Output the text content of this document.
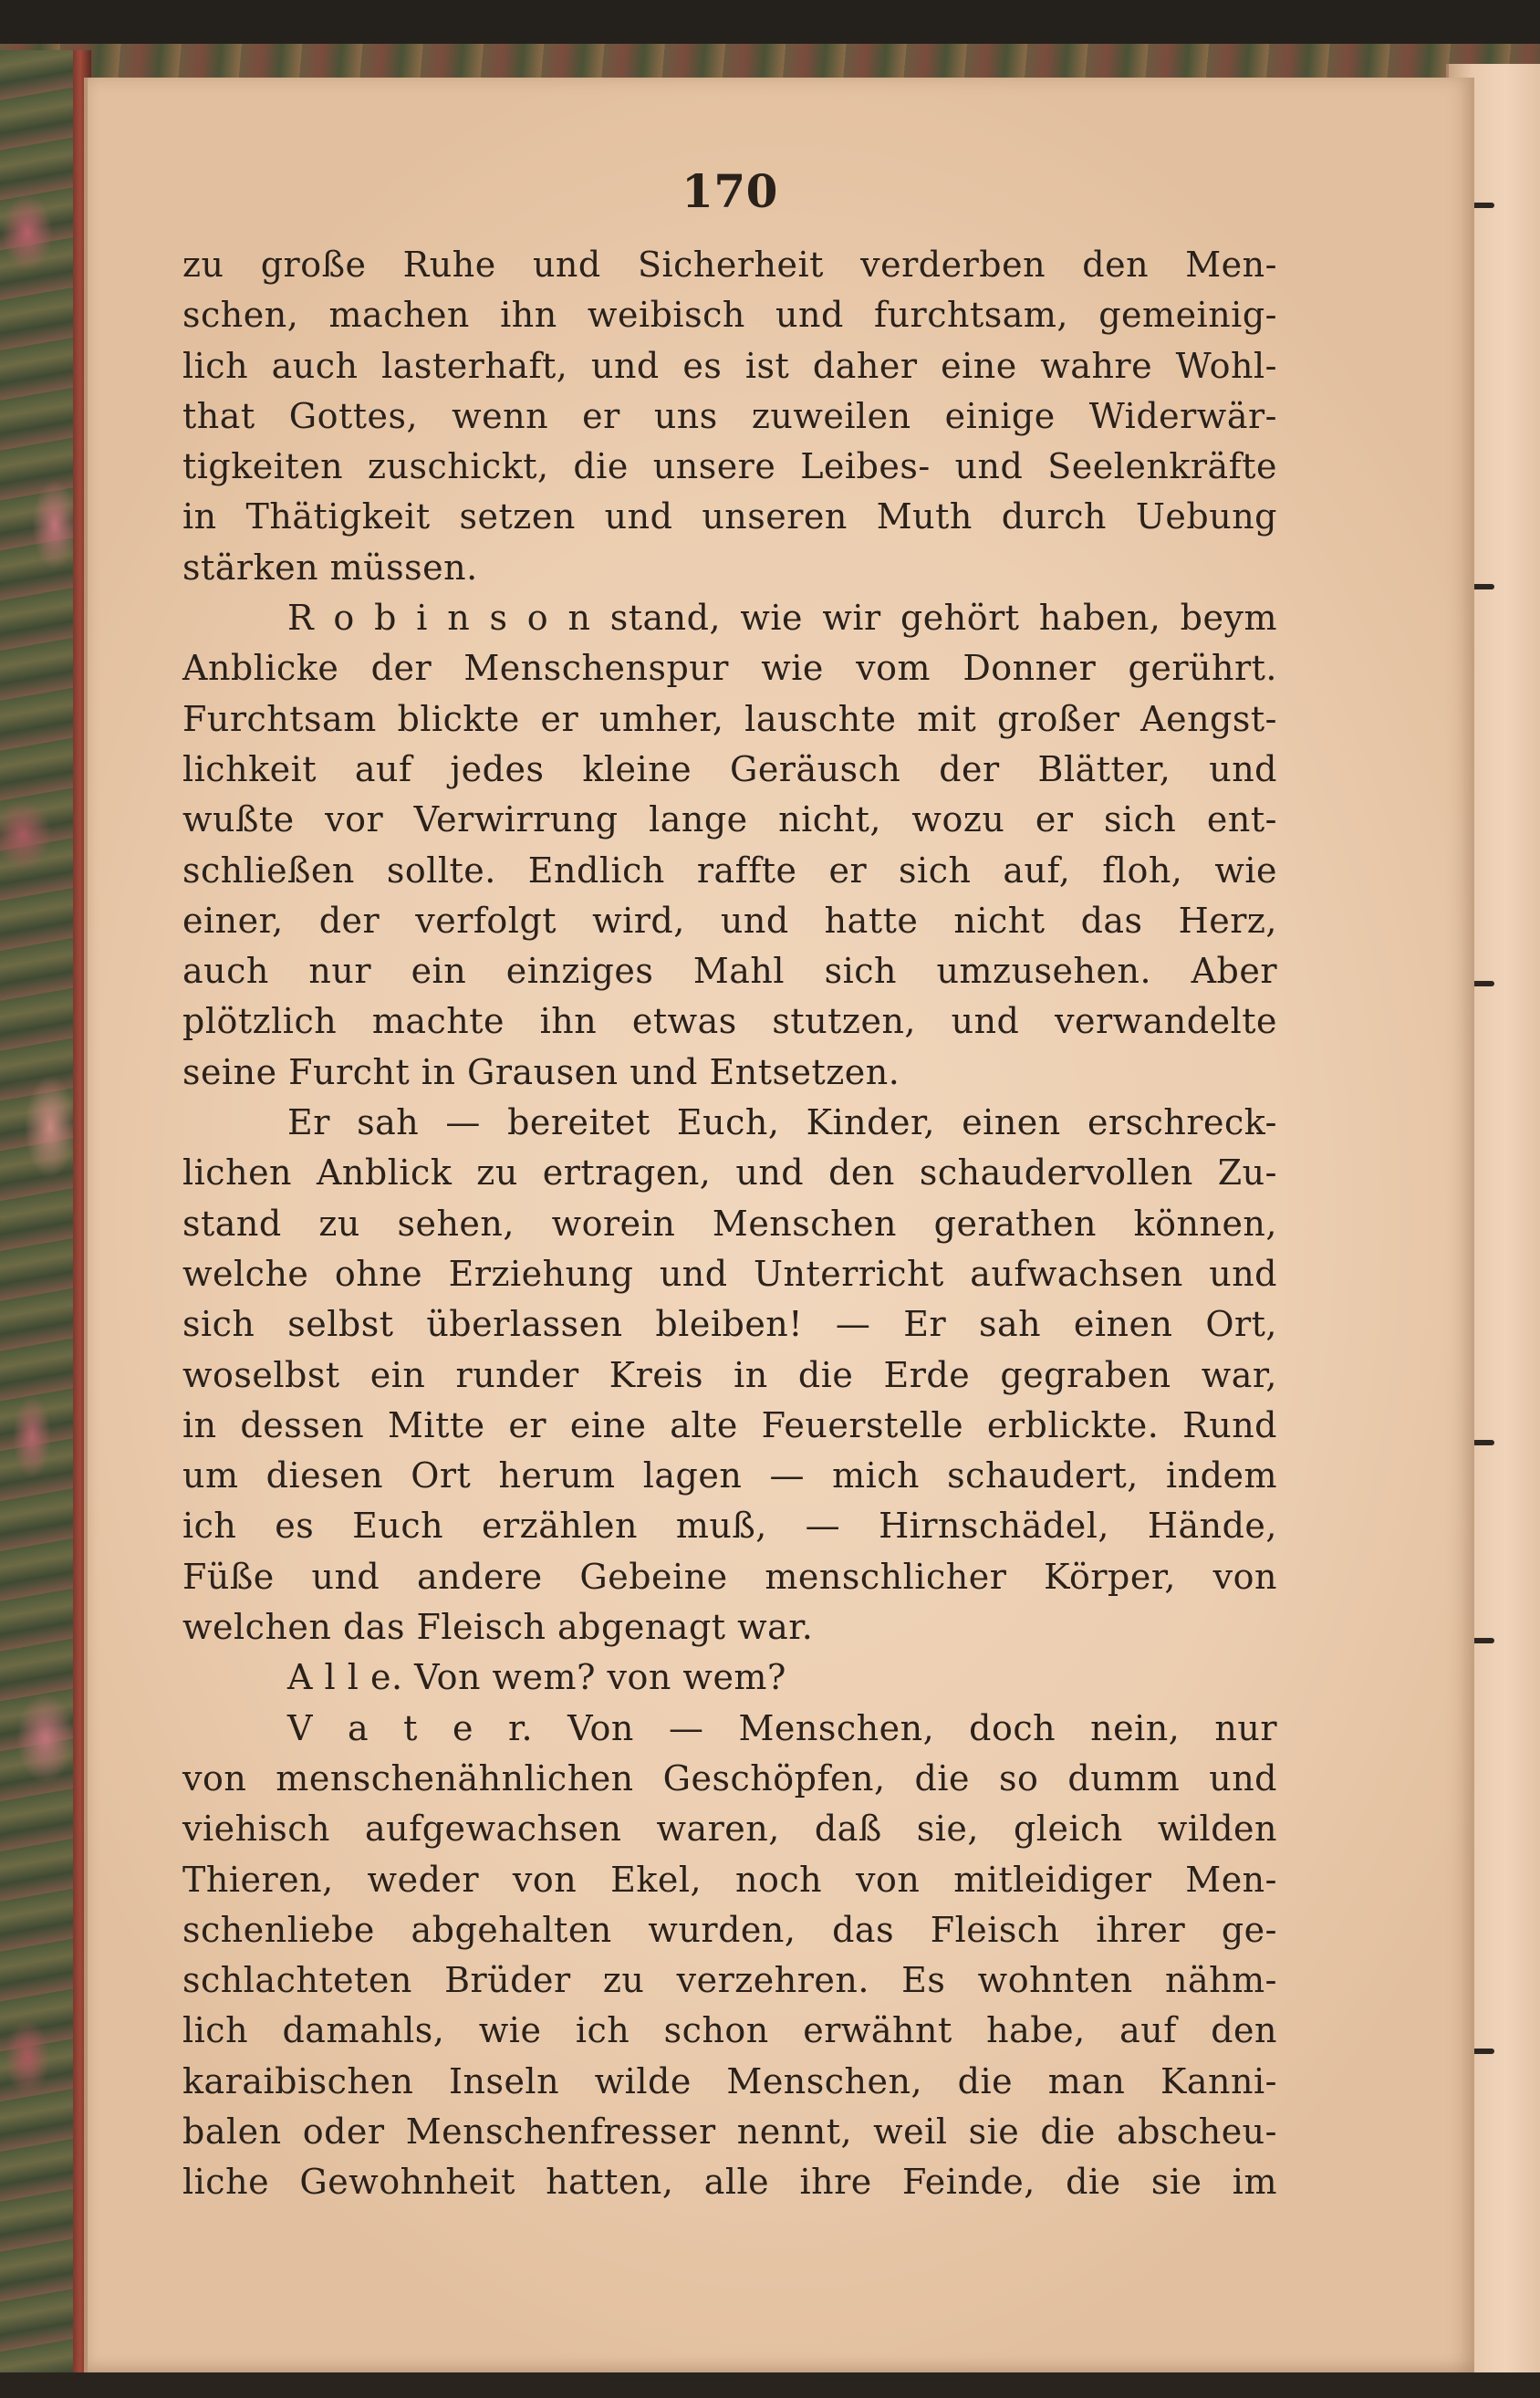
170
zu große Ruhe und Sicherheit verderben den Men-
schen, machen ihn weibisch und furchtsam, gemeinig-
lich auch lasterhaft, und es ist daher eine wahre Wohl-
that Gottes, wenn er uns zuweilen einige Widerwär-
tigkeiten zuschickt, die unsere Leibes- und Seelenkräfte
in Thätigkeit setzen und unseren Muth durch Uebung
stärken müssen.
R o b i n s o n stand, wie wir gehört haben, beym
Anblicke der Menschenspur wie vom Donner gerührt.
Furchtsam blickte er umher, lauschte mit großer Aengst-
lichkeit auf jedes kleine Geräusch der Blätter, und
wußte vor Verwirrung lange nicht, wozu er sich ent-
schließen sollte. Endlich raffte er sich auf, floh, wie
einer, der verfolgt wird, und hatte nicht das Herz,
auch nur ein einziges Mahl sich umzusehen. Aber
plötzlich machte ihn etwas stutzen, und verwandelte
seine Furcht in Grausen und Entsetzen.
Er sah — bereitet Euch, Kinder, einen erschreck-
lichen Anblick zu ertragen, und den schaudervollen Zu-
stand zu sehen, worein Menschen gerathen können,
welche ohne Erziehung und Unterricht aufwachsen und
sich selbst überlassen bleiben! — Er sah einen Ort,
woselbst ein runder Kreis in die Erde gegraben war,
in dessen Mitte er eine alte Feuerstelle erblickte. Rund
um diesen Ort herum lagen — mich schaudert, indem
ich es Euch erzählen muß, — Hirnschädel, Hände,
Füße und andere Gebeine menschlicher Körper, von
welchen das Fleisch abgenagt war.
A l l e. Von wem? von wem?
V a t e r. Von — Menschen, doch nein, nur
von menschenähnlichen Geschöpfen, die so dumm und
viehisch aufgewachsen waren, daß sie, gleich wilden
Thieren, weder von Ekel, noch von mitleidiger Men-
schenliebe abgehalten wurden, das Fleisch ihrer ge-
schlachteten Brüder zu verzehren. Es wohnten nähm-
lich damahls, wie ich schon erwähnt habe, auf den
karaibischen Inseln wilde Menschen, die man Kanni-
balen oder Menschenfresser nennt, weil sie die abscheu-
liche Gewohnheit hatten, alle ihre Feinde, die sie im
